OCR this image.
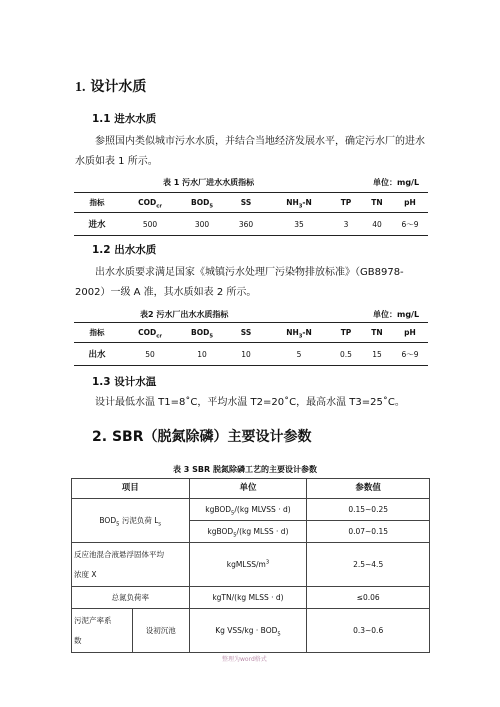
1. 设计水质
1.1 进水水质
参照国内类似城市污水水质，并结合当地经济发展水平，确定污水厂的进水水质如表 1 所示。
表 1 污水厂进水水质指标	单位：mg/L
指标	$COD_{cr}$	$BOD_5$	SS	$NH_3-N$	TP	TN	pH
进水	500	300	360	35	3	40	6～9
1.2 出水水质
出水水质要求满足国家《城镇污水处理厂污染物排放标准》（GB8978-2002）一级 A 准，其水质如表 2 所示。
表2 污水厂出水水质指标	单位：mg/L
指标	$COD_{cr}$	$BOD_5$	SS	$NH_3-N$	TP	TN	pH
出水	50	10	10	5	0.5	15	6～9
1.3 设计水温
设计最低水温 T1=8˚C，平均水温 T2=20˚C，最高水温 T3=25˚C。
2. SBR（脱氮除磷）主要设计参数
表 3 SBR 脱氮除磷工艺的主要设计参数
项目		单位	参数值
$BOD_5$ 污泥负荷 $L_s$		kgBOD$_5$/(kg MLVSS · d)	0.15~0.25
		kgBOD$_5$/(kg MLSS · d)	0.07~0.15
反应池混合液悬浮固体平均
浓度 X		kgMLSS/$m^3$	2.5~4.5
总氮负荷率		kgTN/(kg MLSS · d)	≤0.06
污泥产率系
数	设初沉池	Kg $VSS/kg \cdot BOD_5$	0.3~0.6
整理为word格式
